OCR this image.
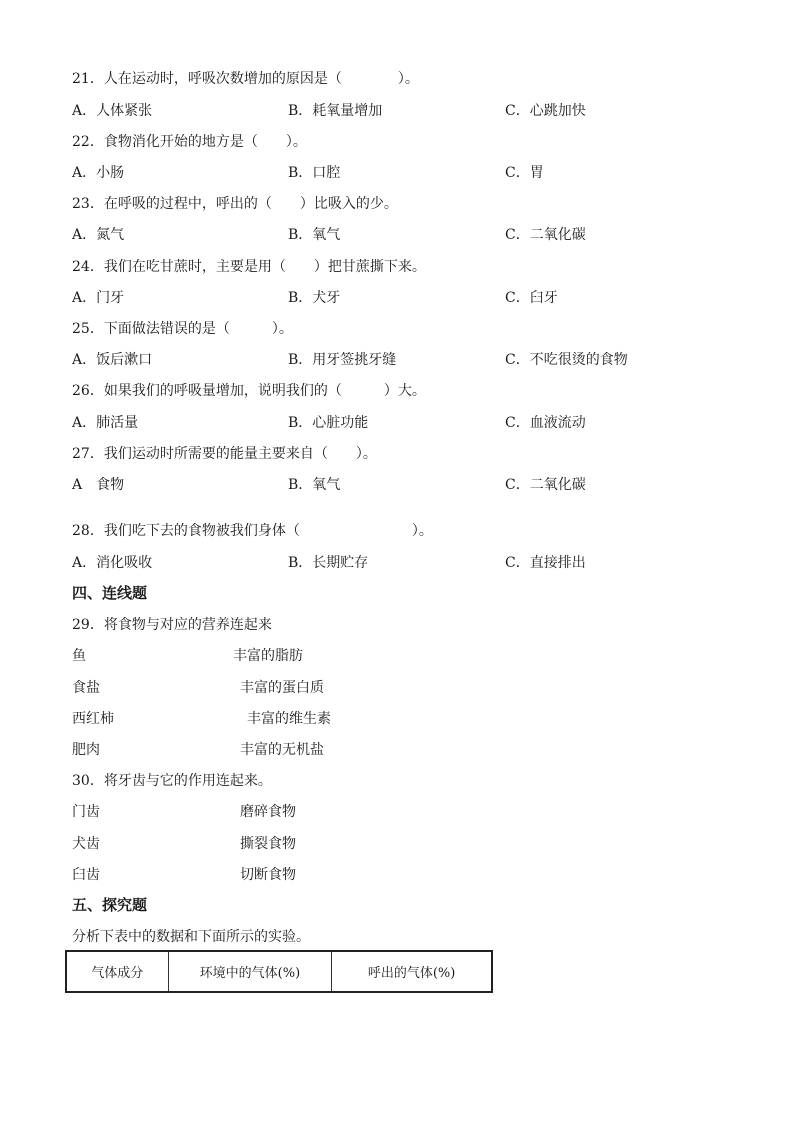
21．人在运动时，呼吸次数增加的原因是（　　　　）。
A．人体紧张	B．耗氧量增加	C．心跳加快
22．食物消化开始的地方是（　　）。
A．小肠	B．口腔	C．胃
23．在呼吸的过程中，呼出的（　　）比吸入的少。
A．氮气	B．氧气	C．二氧化碳
24．我们在吃甘蔗时，主要是用（　　）把甘蔗撕下来。
A．门牙	B．犬牙	C．臼牙
25．下面做法错误的是（　　　）。
A．饭后漱口	B．用牙签挑牙缝	C．不吃很烫的食物
26．如果我们的呼吸量增加，说明我们的（　　　）大。
A．肺活量	B．心脏功能	C．血液流动
27．我们运动时所需要的能量主要来自（　　）。
A　食物	B．氧气	C．二氧化碳
28．我们吃下去的食物被我们身体（　　　　　　　　）。
A．消化吸收	B．长期贮存	C．直接排出
四、连线题
29．将食物与对应的营养连起来
鱼	丰富的脂肪
食盐	丰富的蛋白质
西红柿	丰富的维生素
肥肉	丰富的无机盐
30．将牙齿与它的作用连起来。
门齿	磨碎食物
犬齿	撕裂食物
臼齿	切断食物
五、探究题
分析下表中的数据和下面所示的实验。
气体成分	环境中的气体(%)	呼出的气体(%)
